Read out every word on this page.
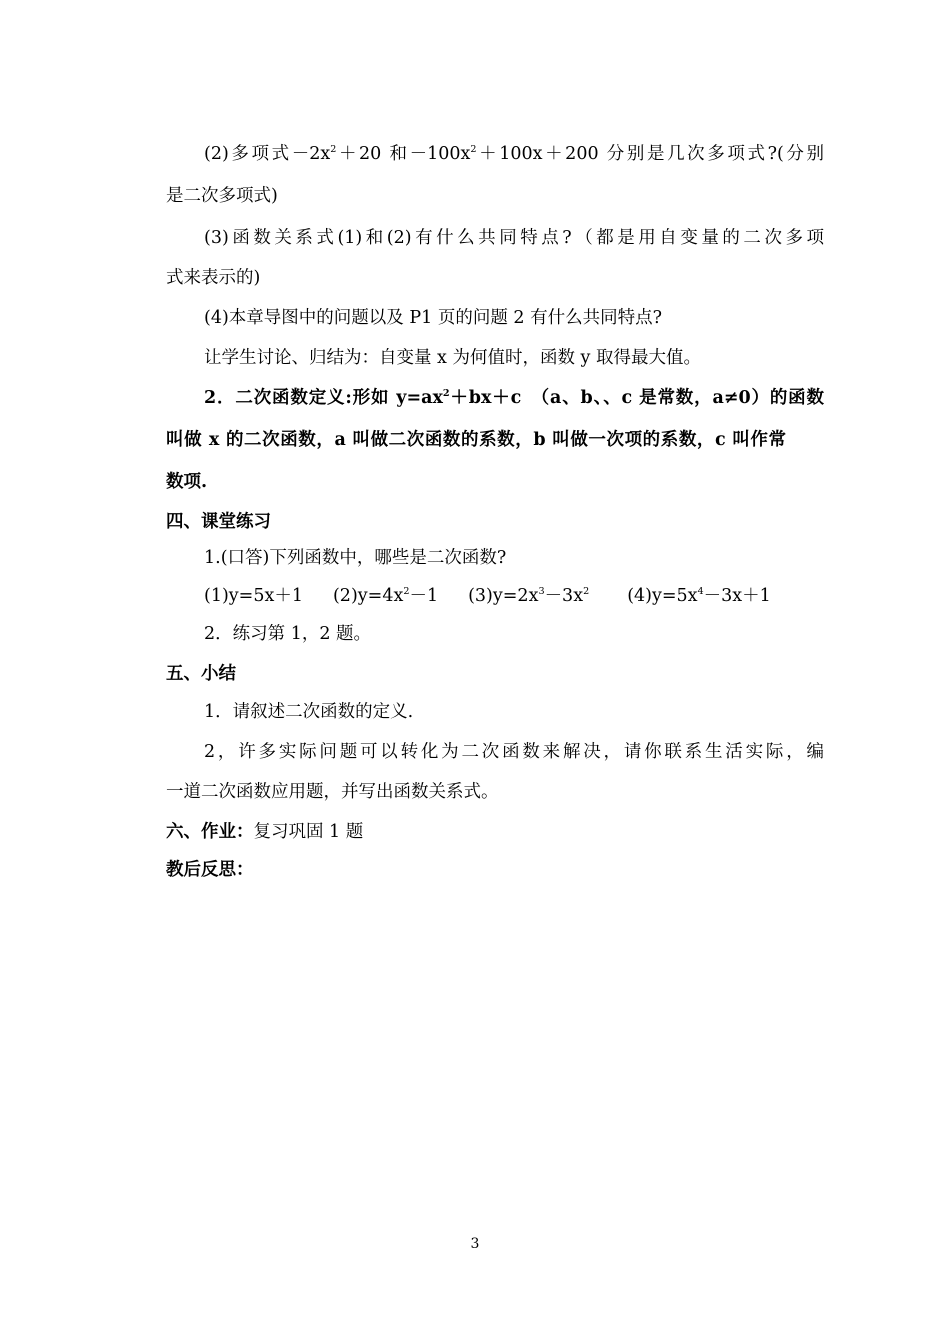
(2)多项式$-2x^2+20$ 和$-100x^2+100x+200$ 分别是几次多项式?(分别
是二次多项式)
(3)函数关系式(1)和(2)有什么共同特点?（都是用自变量的二次多项
式来表示的)
(4)本章导图中的问题以及 P1 页的问题 2 有什么共同特点?
让学生讨论、归结为：自变量 x 为何值时，函数 y 取得最大值。
2．二次函数定义:形如 $y=ax^2+bx+c$　（a、b、、c 是常数，a≠0）的函数
叫做 x 的二次函数，a 叫做二次函数的系数，b 叫做一次项的系数，c 叫作常
数项.
四、课堂练习
1.(口答)下列函数中，哪些是二次函数?
(1)y=5x＋1 $(2)y=4x^2-1$ $(3)y=2x^3-3x^2$ $(4)y=5x^4-3x+1$
2．练习第 1，2 题。
五、小结
1．请叙述二次函数的定义.
2，许多实际问题可以转化为二次函数来解决，请你联系生活实际，编
一道二次函数应用题，并写出函数关系式。
六、作业：复习巩固 1 题
教后反思：
3
